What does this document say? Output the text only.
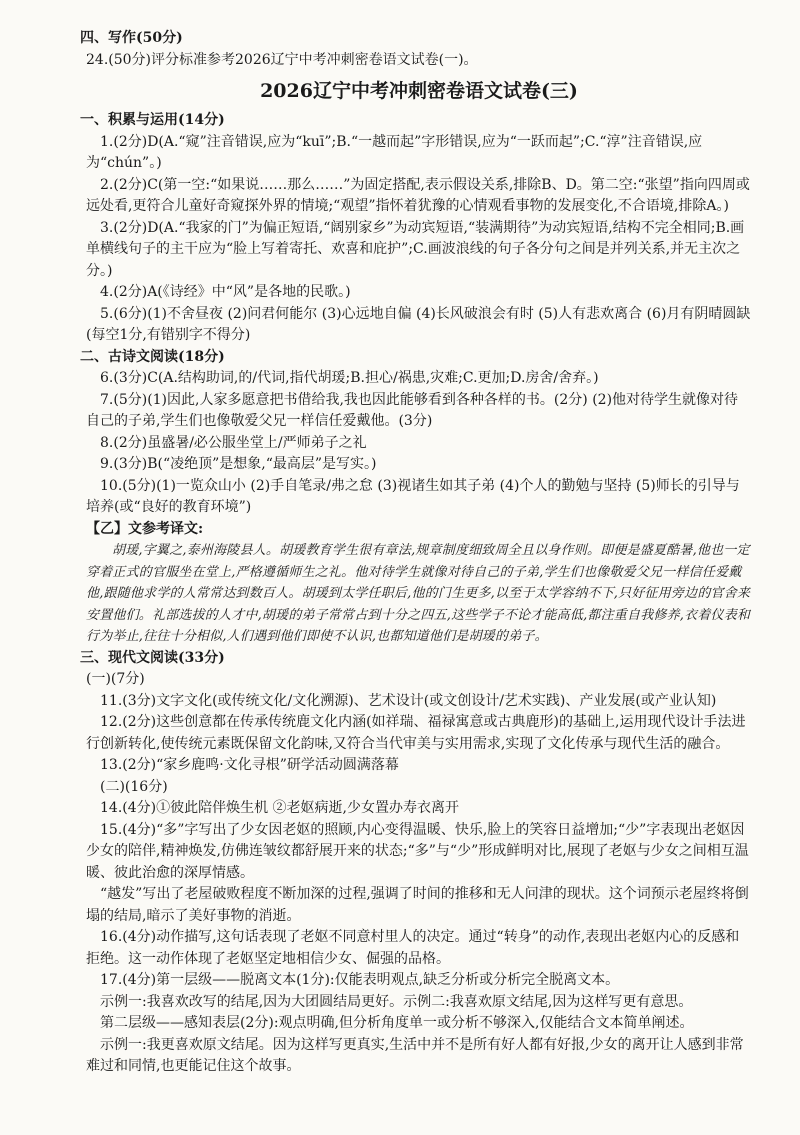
四、写作(50分)

24.(50分)评分标准参考2026辽宁中考冲刺密卷语文试卷(一)。

2026辽宁中考冲刺密卷语文试卷(三)

一、积累与运用(14分)

1.(2分)D(A.“窥”注音错误,应为“kuī”;B.“一越而起”字形错误,应为“一跃而起”;C.“淳”注音错误,应为“chún”。)

2.(2分)C(第一空:“如果说……那么……”为固定搭配,表示假设关系,排除B、D。第二空:“张望”指向四周或远处看,更符合儿童好奇窥探外界的情境;“观望”指怀着犹豫的心情观看事物的发展变化,不合语境,排除A。)

3.(2分)D(A.“我家的门”为偏正短语,“阔别家乡”为动宾短语,“装满期待”为动宾短语,结构不完全相同;B.画单横线句子的主干应为“脸上写着寄托、欢喜和庇护”;C.画波浪线的句子各分句之间是并列关系,并无主次之分。)

4.(2分)A(《诗经》中“风”是各地的民歌。)

5.(6分)(1)不舍昼夜 (2)问君何能尔 (3)心远地自偏 (4)长风破浪会有时 (5)人有悲欢离合 (6)月有阴晴圆缺(每空1分,有错别字不得分)

二、古诗文阅读(18分)

6.(3分)C(A.结构助词,的/代词,指代胡瑗;B.担心/祸患,灾难;C.更加;D.房舍/舍弃。)

7.(5分)(1)因此,人家多愿意把书借给我,我也因此能够看到各种各样的书。(2分) (2)他对待学生就像对待自己的子弟,学生们也像敬爱父兄一样信任爱戴他。(3分)

8.(2分)虽盛暑/必公服坐堂上/严师弟子之礼

9.(3分)B(“凌绝顶”是想象,“最高层”是写实。)

10.(5分)(1)一览众山小 (2)手自笔录/弗之怠 (3)视诸生如其子弟 (4)个人的勤勉与坚持 (5)师长的引导与培养(或“良好的教育环境”)

【乙】文参考译文:

胡瑗,字翼之,泰州海陵县人。胡瑗教育学生很有章法,规章制度细致周全且以身作则。即便是盛夏酷暑,他也一定穿着正式的官服坐在堂上,严格遵循师生之礼。他对待学生就像对待自己的子弟,学生们也像敬爱父兄一样信任爱戴他,跟随他求学的人常常达到数百人。胡瑗到太学任职后,他的门生更多,以至于太学容纳不下,只好征用旁边的官舍来安置他们。礼部选拔的人才中,胡瑗的弟子常常占到十分之四五,这些学子不论才能高低,都注重自我修养,衣着仪表和行为举止,往往十分相似,人们遇到他们即使不认识,也都知道他们是胡瑗的弟子。

三、现代文阅读(33分)

(一)(7分)

11.(3分)文字文化(或传统文化/文化溯源)、艺术设计(或文创设计/艺术实践)、产业发展(或产业认知)

12.(2分)这些创意都在传承传统鹿文化内涵(如祥瑞、福禄寓意或古典鹿形)的基础上,运用现代设计手法进行创新转化,使传统元素既保留文化韵味,又符合当代审美与实用需求,实现了文化传承与现代生活的融合。

13.(2分)“家乡鹿鸣·文化寻根”研学活动圆满落幕

(二)(16分)

14.(4分)①彼此陪伴焕生机 ②老妪病逝,少女置办寿衣离开

15.(4分)“多”字写出了少女因老妪的照顾,内心变得温暖、快乐,脸上的笑容日益增加;“少”字表现出老妪因少女的陪伴,精神焕发,仿佛连皱纹都舒展开来的状态;“多”与“少”形成鲜明对比,展现了老妪与少女之间相互温暖、彼此治愈的深厚情感。

“越发”写出了老屋破败程度不断加深的过程,强调了时间的推移和无人问津的现状。这个词预示老屋终将倒塌的结局,暗示了美好事物的消逝。

16.(4分)动作描写,这句话表现了老妪不同意村里人的决定。通过“转身”的动作,表现出老妪内心的反感和拒绝。这一动作体现了老妪坚定地相信少女、倔强的品格。

17.(4分)第一层级——脱离文本(1分):仅能表明观点,缺乏分析或分析完全脱离文本。

示例一:我喜欢改写的结尾,因为大团圆结局更好。示例二:我喜欢原文结尾,因为这样写更有意思。

第二层级——感知表层(2分):观点明确,但分析角度单一或分析不够深入,仅能结合文本简单阐述。

示例一:我更喜欢原文结尾。因为这样写更真实,生活中并不是所有好人都有好报,少女的离开让人感到非常难过和同情,也更能记住这个故事。
